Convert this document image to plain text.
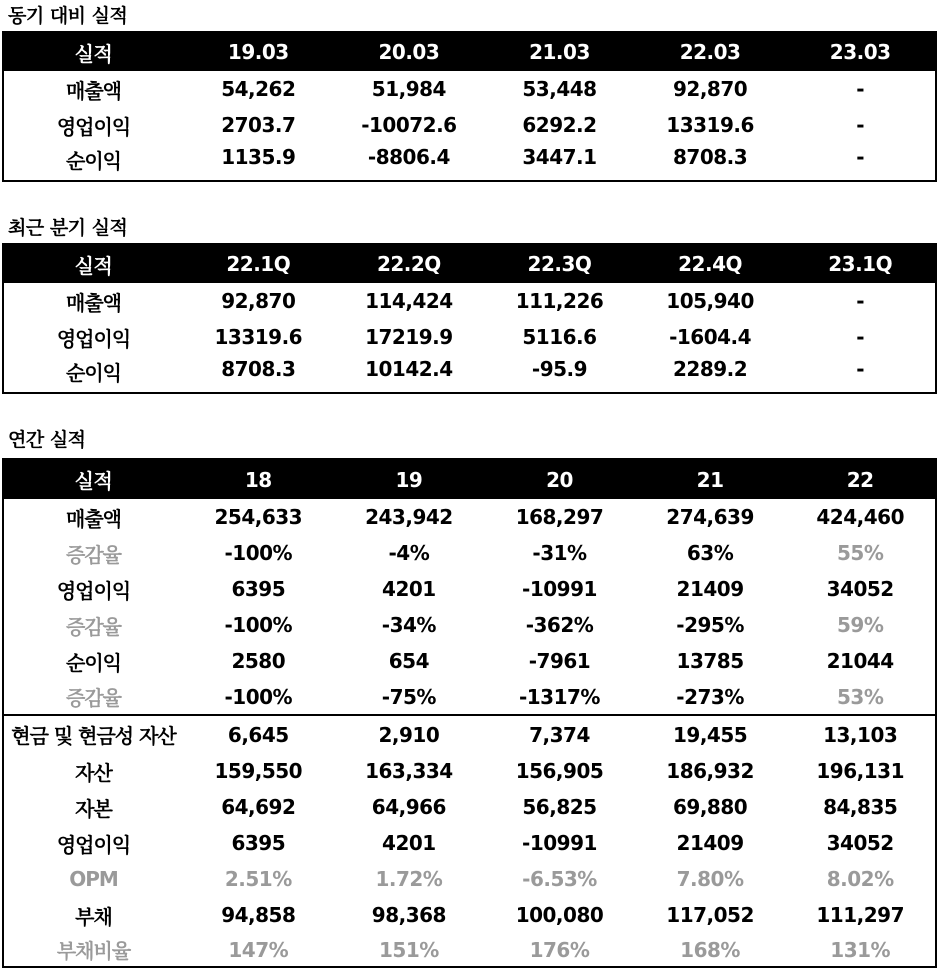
동기 대비 실적
실적	19.03	20.03	21.03	22.03	23.03
매출액	54,262	51,984	53,448	92,870	-
영업이익	2703.7	-10072.6	6292.2	13319.6	-
순이익	1135.9	-8806.4	3447.1	8708.3	-
최근 분기 실적
실적	22.1Q	22.2Q	22.3Q	22.4Q	23.1Q
매출액	92,870	114,424	111,226	105,940	-
영업이익	13319.6	17219.9	5116.6	-1604.4	-
순이익	8708.3	10142.4	-95.9	2289.2	-
연간 실적
실적	18	19	20	21	22
매출액	254,633	243,942	168,297	274,639	424,460
증감율	-100%	-4%	-31%	63%	55%
영업이익	6395	4201	-10991	21409	34052
증감율	-100%	-34%	-362%	-295%	59%
순이익	2580	654	-7961	13785	21044
증감율	-100%	-75%	-1317%	-273%	53%
현금 및 현금성 자산	6,645	2,910	7,374	19,455	13,103
자산	159,550	163,334	156,905	186,932	196,131
자본	64,692	64,966	56,825	69,880	84,835
영업이익	6395	4201	-10991	21409	34052
OPM	2.51%	1.72%	-6.53%	7.80%	8.02%
부채	94,858	98,368	100,080	117,052	111,297
부채비율	147%	151%	176%	168%	131%
